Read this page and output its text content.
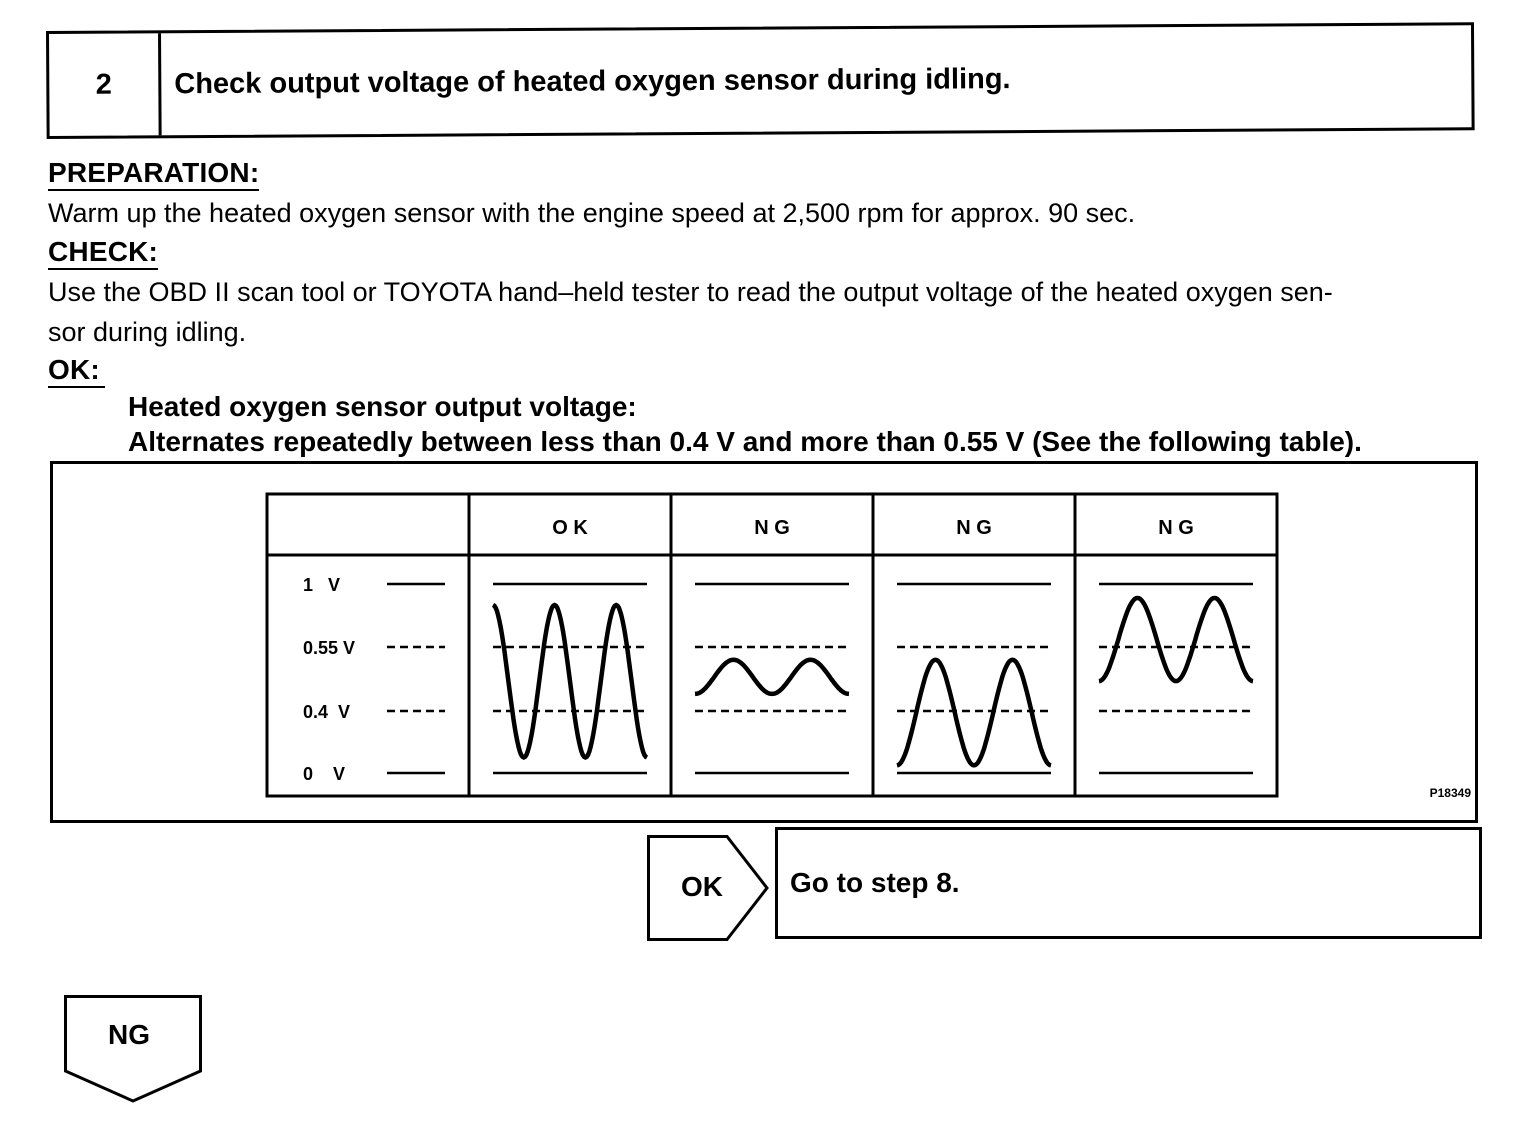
2	Check output voltage of heated oxygen sensor during idling.
PREPARATION:
Warm up the heated oxygen sensor with the engine speed at 2,500 rpm for approx. 90 sec.
CHECK:
Use the OBD II scan tool or TOYOTA hand–held tester to read the output voltage of the heated oxygen sen-
sor during idling.
OK:
Heated oxygen sensor output voltage:
Alternates repeatedly between less than 0.4 V and more than 0.55 V (See the following table).
O K	N G	N G	N G
1   V
0.55 V
0.4  V
0    V
P18349
OK Go to step 8.
NG
